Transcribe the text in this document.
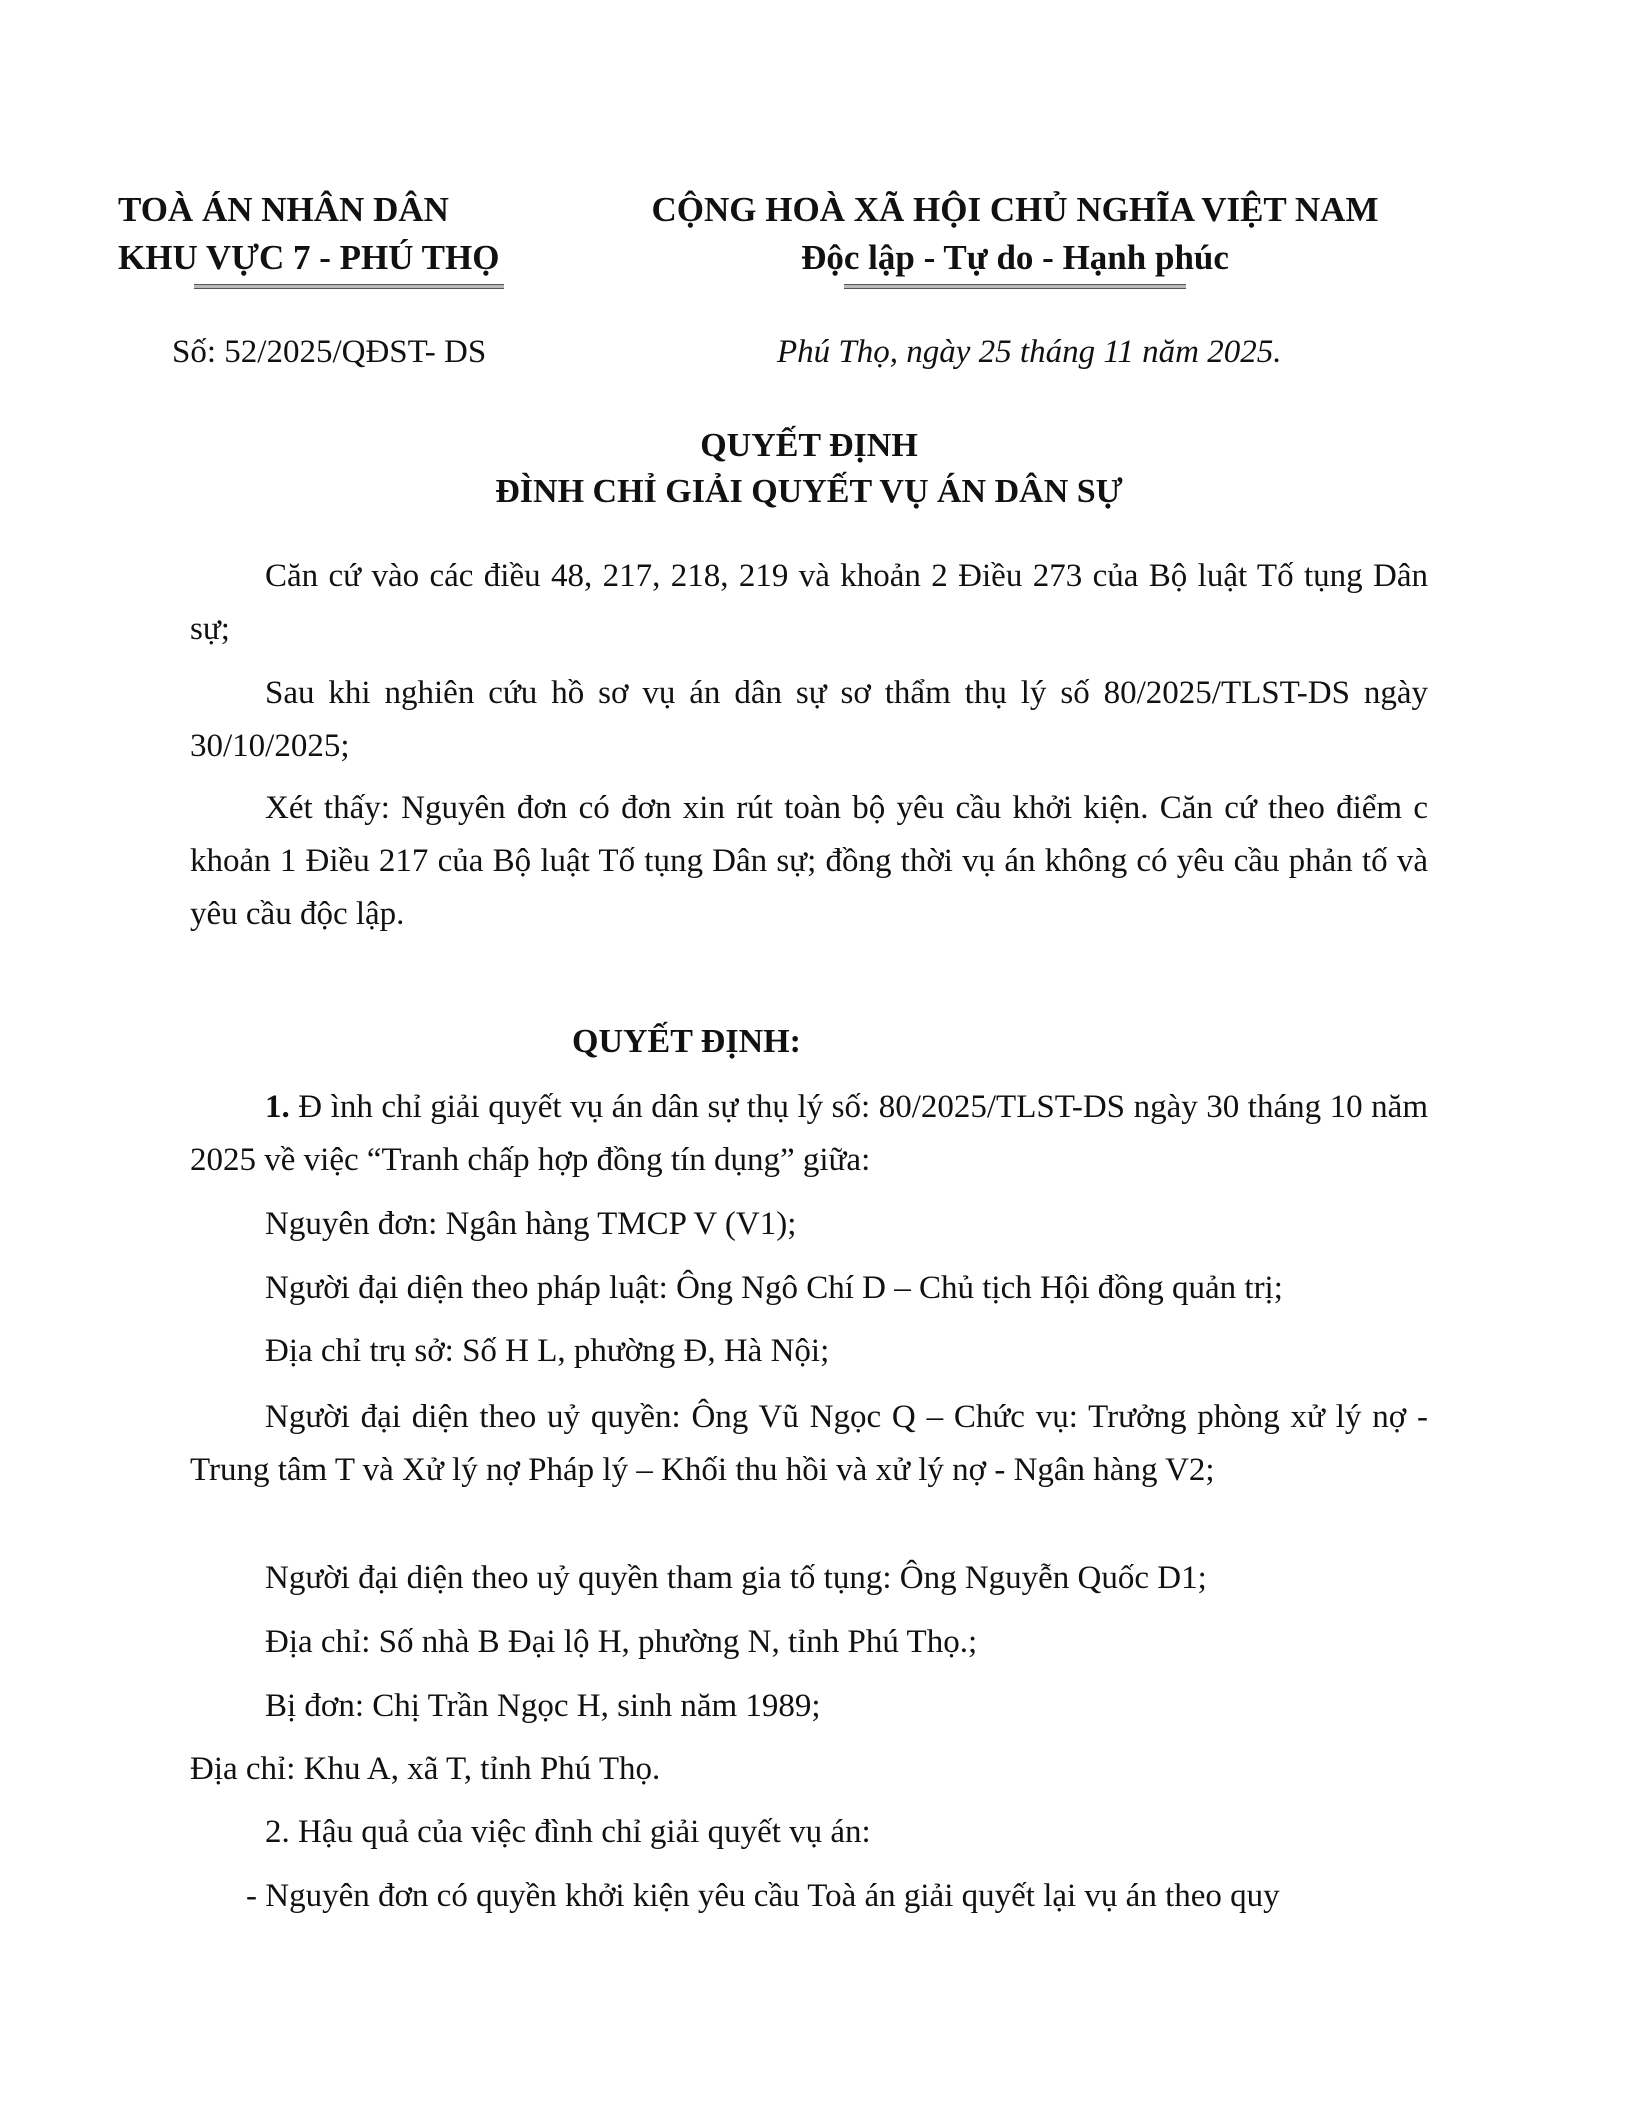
TOÀ ÁN NHÂN DÂN
KHU VỰC 7 - PHÚ THỌ
CỘNG HOÀ XÃ HỘI CHỦ NGHĨA VIỆT NAM
Độc lập - Tự do - Hạnh phúc
Số: 52/2025/QĐST- DS	Phú Thọ, ngày 25 tháng 11 năm 2025.
QUYẾT ĐỊNH
ĐÌNH CHỈ GIẢI QUYẾT VỤ ÁN DÂN SỰ
Căn cứ vào các điều 48, 217, 218, 219 và khoản 2 Điều 273 của Bộ luật Tố tụng Dân sự;
Sau khi nghiên cứu hồ sơ vụ án dân sự sơ thẩm thụ lý số 80/2025/TLST-DS ngày 30/10/2025;
Xét thấy: Nguyên đơn có đơn xin rút toàn bộ yêu cầu khởi kiện. Căn cứ theo điểm c khoản 1 Điều 217 của Bộ luật Tố tụng Dân sự; đồng thời vụ án không có yêu cầu phản tố và yêu cầu độc lập.
QUYẾT ĐỊNH:
1. Đ ình chỉ giải quyết vụ án dân sự thụ lý số: 80/2025/TLST-DS ngày 30 tháng 10 năm 2025 về việc “Tranh chấp hợp đồng tín dụng” giữa:
Nguyên đơn: Ngân hàng TMCP V (V1);
Người đại diện theo pháp luật: Ông Ngô Chí D – Chủ tịch Hội đồng quản trị;
Địa chỉ trụ sở: Số H L, phường Đ, Hà Nội;
Người đại diện theo uỷ quyền: Ông Vũ Ngọc Q – Chức vụ: Trưởng phòng xử lý nợ - Trung tâm T và Xử lý nợ Pháp lý – Khối thu hồi và xử lý nợ - Ngân hàng V2;
Người đại diện theo uỷ quyền tham gia tố tụng: Ông Nguyễn Quốc D1;
Địa chỉ: Số nhà B Đại lộ H, phường N, tỉnh Phú Thọ.;
Bị đơn: Chị Trần Ngọc H, sinh năm 1989;
Địa chỉ: Khu A, xã T, tỉnh Phú Thọ.
2. Hậu quả của việc đình chỉ giải quyết vụ án:
- Nguyên đơn có quyền khởi kiện yêu cầu Toà án giải quyết lại vụ án theo quy
